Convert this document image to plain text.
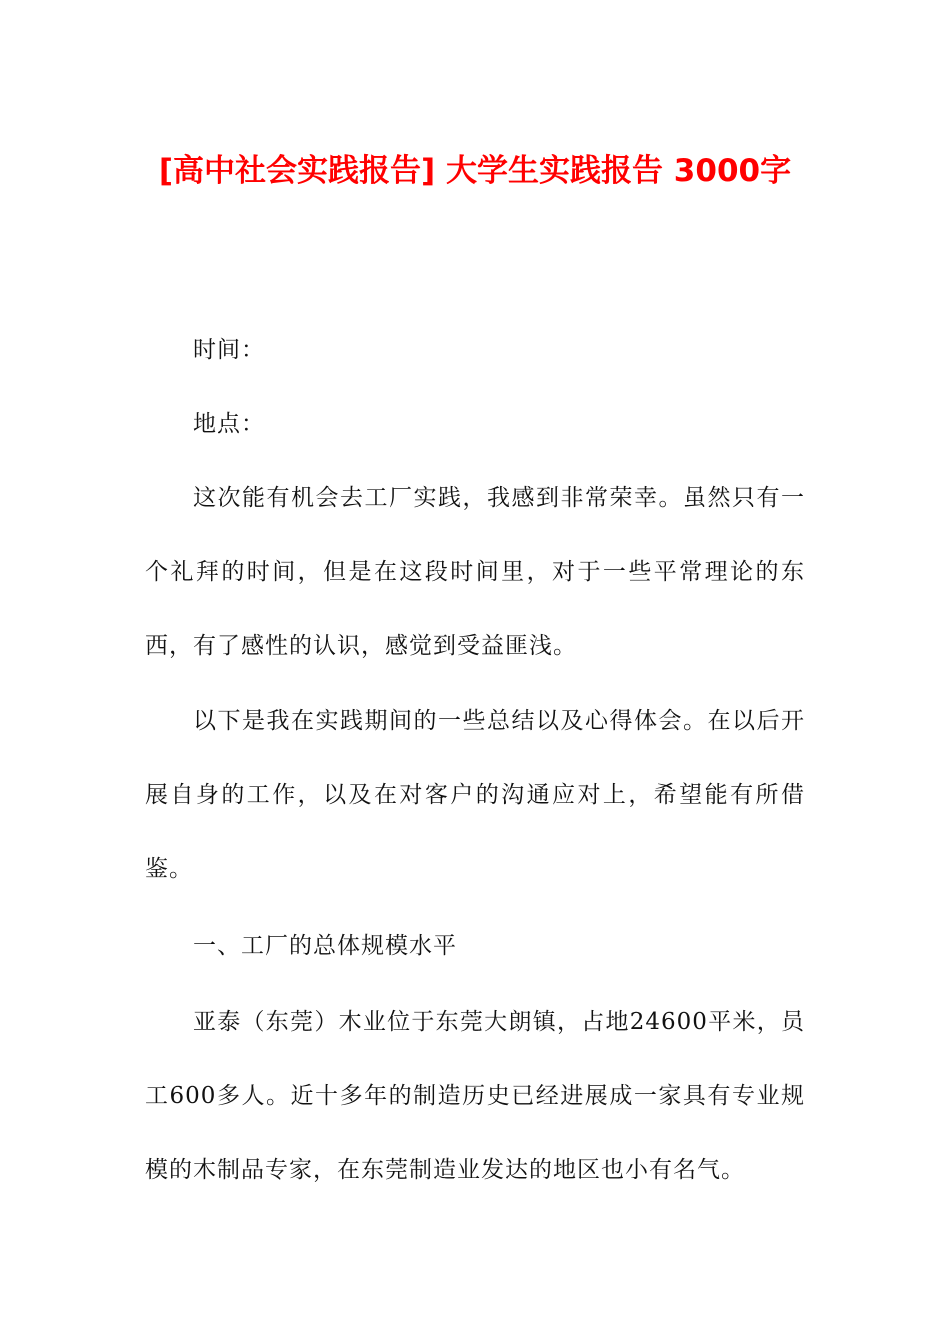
[高中社会实践报告] 大学生实践报告 3000字

时间：

地点：

这次能有机会去工厂实践，我感到非常荣幸。虽然只有一个礼拜的时间，但是在这段时间里，对于一些平常理论的东西，有了感性的认识，感觉到受益匪浅。

以下是我在实践期间的一些总结以及心得体会。在以后开展自身的工作，以及在对客户的沟通应对上，希望能有所借鉴。

一、工厂的总体规模水平

亚泰（东莞）木业位于东莞大朗镇，占地24600平米，员工600多人。近十多年的制造历史已经进展成一家具有专业规模的木制品专家，在东莞制造业发达的地区也小有名气。
